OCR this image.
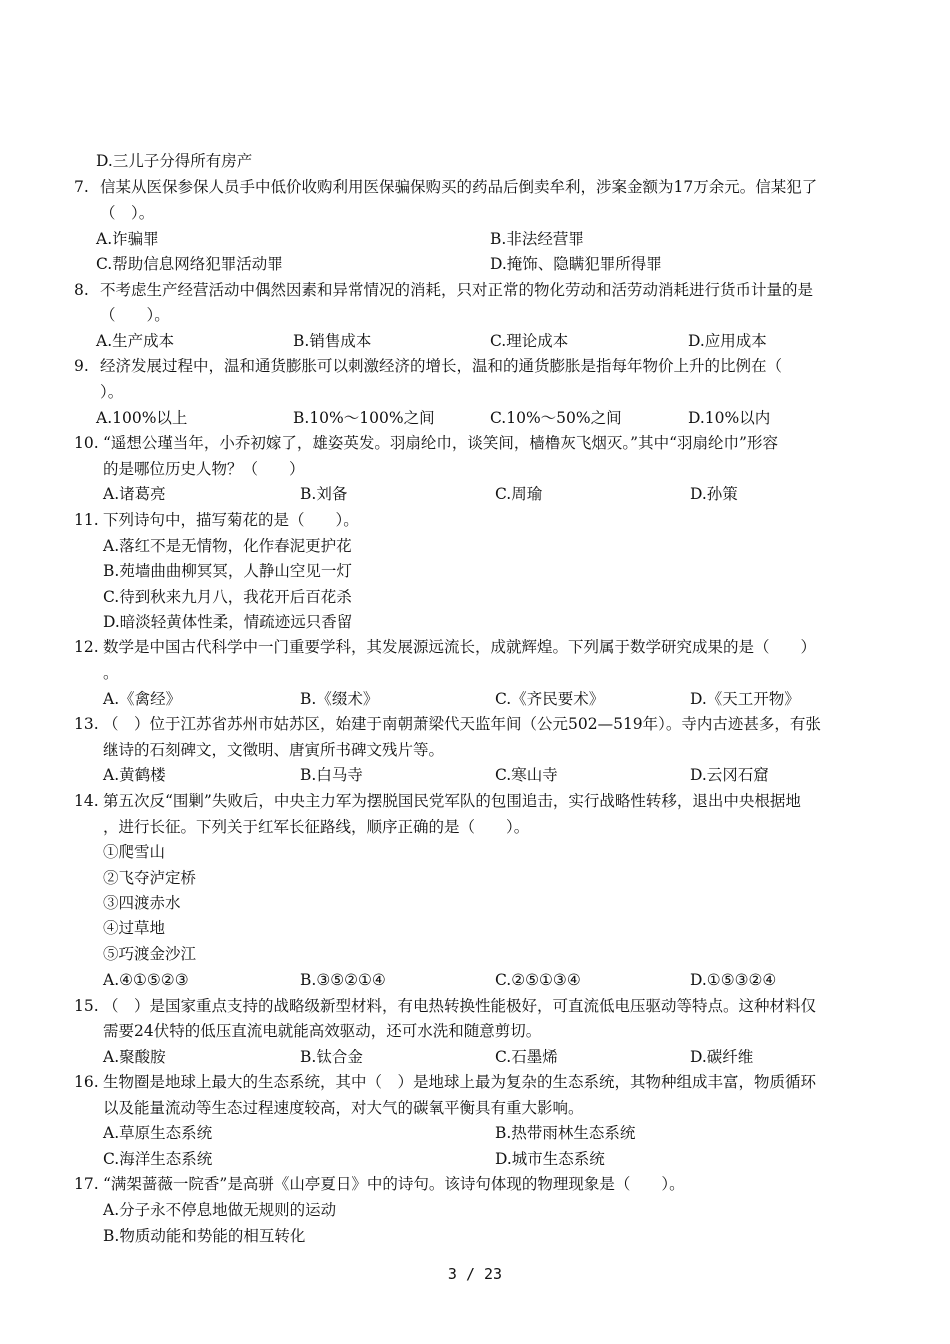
D.三儿子分得所有房产
7. 信某从医保参保人员手中低价收购利用医保骗保购买的药品后倒卖牟利，涉案金额为17万余元。信某犯了
（　）。
A.诈骗罪	B.非法经营罪
C.帮助信息网络犯罪活动罪	D.掩饰、隐瞒犯罪所得罪
8. 不考虑生产经营活动中偶然因素和异常情况的消耗，只对正常的物化劳动和活劳动消耗进行货币计量的是
（　　）。
A.生产成本	B.销售成本	C.理论成本	D.应用成本
9. 经济发展过程中，温和通货膨胀可以刺激经济的增长，温和的通货膨胀是指每年物价上升的比例在（
）。
A.100%以上	B.10%～100%之间	C.10%～50%之间	D.10%以内
10. “遥想公瑾当年，小乔初嫁了，雄姿英发。羽扇纶巾，谈笑间，樯橹灰飞烟灭。”其中“羽扇纶巾”形容
的是哪位历史人物？（　　）
A.诸葛亮	B.刘备	C.周瑜	D.孙策
11. 下列诗句中，描写菊花的是（　　）。
A.落红不是无情物，化作春泥更护花
B.苑墙曲曲柳冥冥，人静山空见一灯
C.待到秋来九月八，我花开后百花杀
D.暗淡轻黄体性柔，情疏迹远只香留
12. 数学是中国古代科学中一门重要学科，其发展源远流长，成就辉煌。下列属于数学研究成果的是（　　）
。
A.《禽经》	B.《缀术》	C.《齐民要术》	D.《天工开物》
13. （　）位于江苏省苏州市姑苏区，始建于南朝萧梁代天监年间（公元502—519年）。寺内古迹甚多，有张
继诗的石刻碑文，文徵明、唐寅所书碑文残片等。
A.黄鹤楼	B.白马寺	C.寒山寺	D.云冈石窟
14. 第五次反“围剿”失败后，中央主力军为摆脱国民党军队的包围追击，实行战略性转移，退出中央根据地
，进行长征。下列关于红军长征路线，顺序正确的是（　　）。
①爬雪山
②飞夺泸定桥
③四渡赤水
④过草地
⑤巧渡金沙江
A.④①⑤②③	B.③⑤②①④	C.②⑤①③④	D.①⑤③②④
15. （　）是国家重点支持的战略级新型材料，有电热转换性能极好，可直流低电压驱动等特点。这种材料仅
需要24伏特的低压直流电就能高效驱动，还可水洗和随意剪切。
A.聚酸胺	B.钛合金	C.石墨烯	D.碳纤维
16. 生物圈是地球上最大的生态系统，其中（　）是地球上最为复杂的生态系统，其物种组成丰富，物质循环
以及能量流动等生态过程速度较高，对大气的碳氧平衡具有重大影响。
A.草原生态系统	B.热带雨林生态系统
C.海洋生态系统	D.城市生态系统
17. “满架蔷薇一院香”是高骈《山亭夏日》中的诗句。该诗句体现的物理现象是（　　）。
A.分子永不停息地做无规则的运动
B.物质动能和势能的相互转化
3 / 23
